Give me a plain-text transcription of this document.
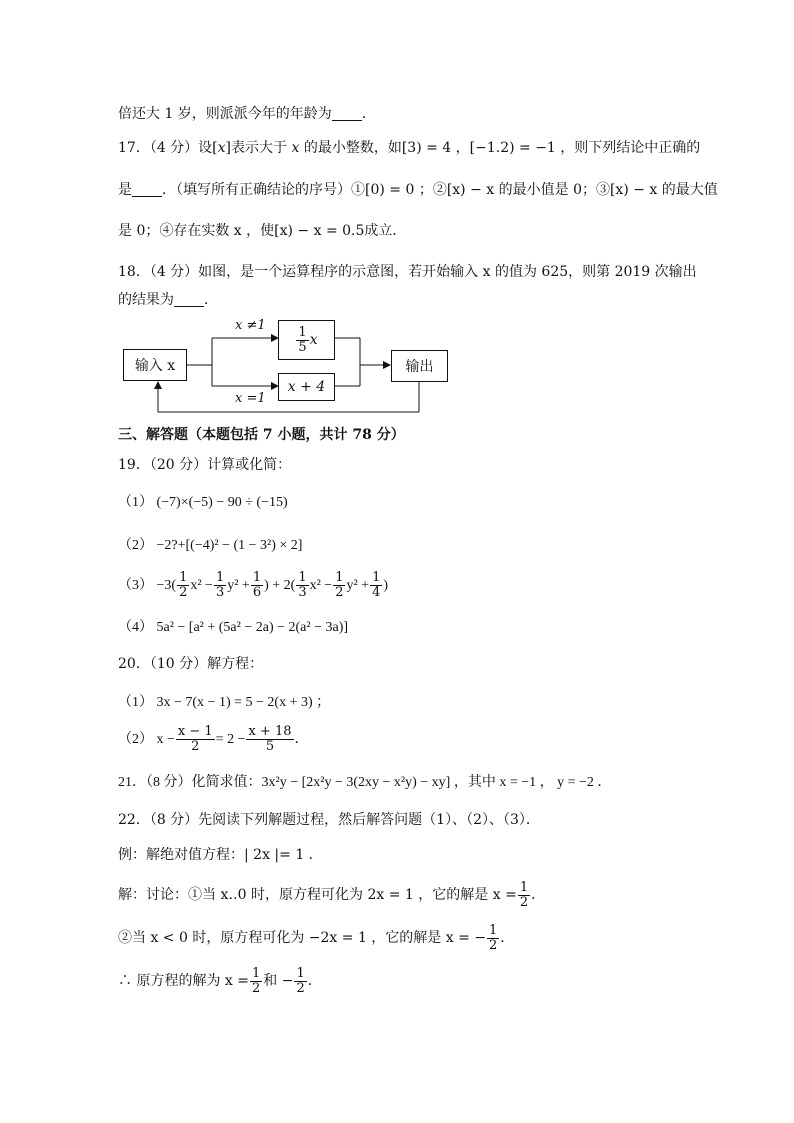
倍还大 1 岁，则派派今年的年龄为 ．
17．（4 分）设[x]表示大于 x 的最小整数，如[3) = 4 ，[−1.2) = −1 ，则下列结论中正确的
是 ．（填写所有正确结论的序号）①[0) = 0 ；②[x) − x 的最小值是 0；③[x) − x 的最大值
是 0；④存在实数 x ，使[x) − x = 0.5成立．
18．（4 分）如图，是一个运算程序的示意图，若开始输入 x 的值为 625，则第 2019 次输出
的结果为 ．
输入 x
x ≠1
x =1
1
5 x
x + 4
输出
三、解答题（本题包括 7 小题，共计 78 分）
19．（20 分）计算或化简：
（1） (−7)×(−5) − 90 ÷ (−15)
（2） −2?+[(−4)² − (1 − 3²) × 2]
$(3) -3( \frac{1}{2} x^2 - \frac{1}{3} y^2 + \frac{1}{6}$ ) + $2( \frac{1}{3} x^2 - \frac{1}{2} y^2 + \frac{1}{4}$ )
（4） 5a² − [a² + (5a² − 2a) − 2(a² − 3a)]
20．（10 分）解方程：
（1） 3x − 7(x − 1) = 5 − 2(x + 3) ；
（2） $x - \frac{x - 1}{2} = 2 - \frac{x + 18}{5}$ ．
21．（8 分）化简求值：3x²y − [2x²y − 3(2xy − x²y) − xy] ，其中 x = −1 ， y = −2 ．
22．（8 分）先阅读下列解题过程，然后解答问题（1）、（2）、（3）．
例：解绝对值方程：| 2x |= 1 ．
解：讨论：①当 x‥0 时，原方程可化为 2x = 1 ，它的解是 $x = \frac{1}{2}$ ．
②当 x < 0 时，原方程可化为 −2x = 1 ，它的解是 x = − $\frac{1}{2}$ ．
∴ 原方程的解为 $x = \frac{1}{2}$ 和 − $\frac{1}{2}$ ．
